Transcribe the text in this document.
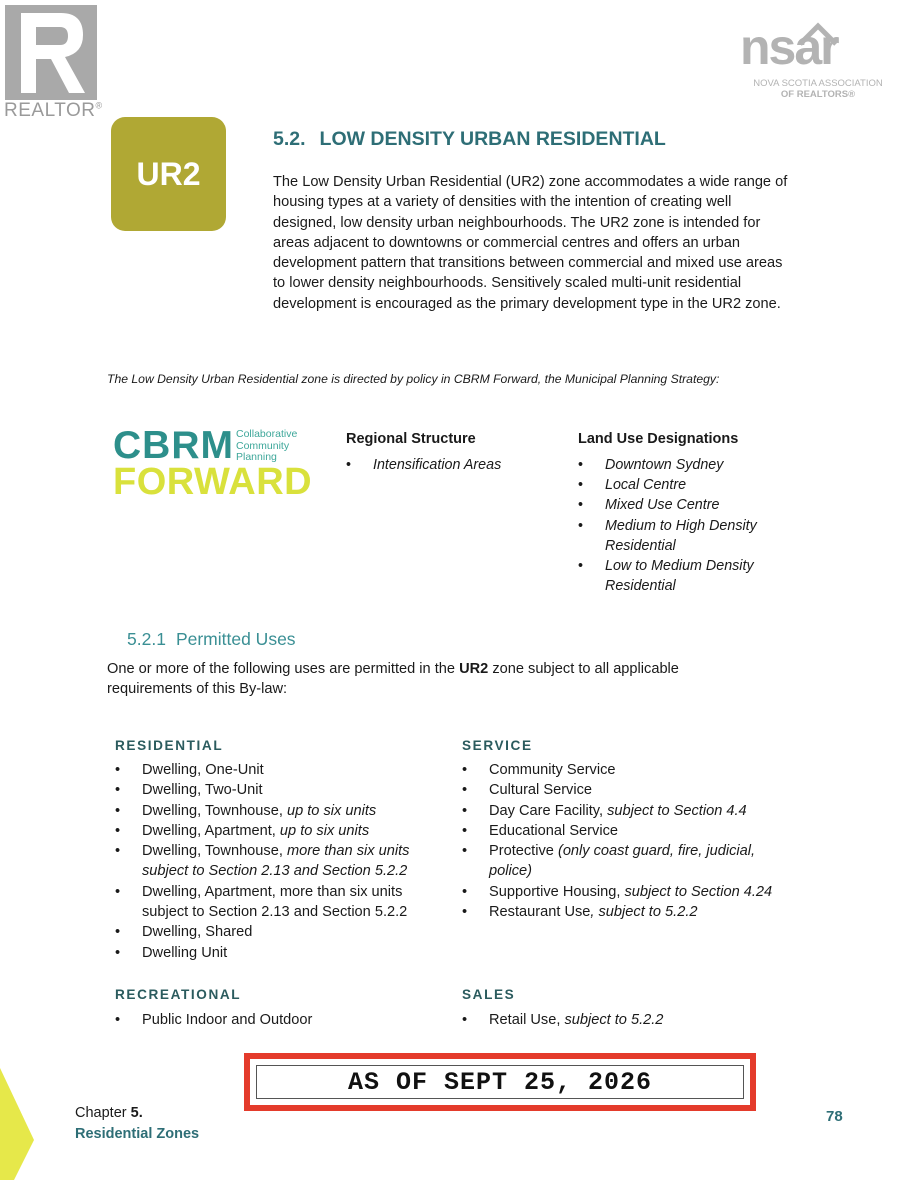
REALTOR®
nsar
NOVA SCOTIA ASSOCIATION
OF REALTORS®
UR2
5.2. LOW DENSITY URBAN RESIDENTIAL
The Low Density Urban Residential (UR2) zone accommodates a wide range of housing types at a variety of densities with the intention of creating well designed, low density urban neighbourhoods. The UR2 zone is intended for areas adjacent to downtowns or commercial centres and offers an urban development pattern that transitions between commercial and mixed use areas to lower density neighbourhoods. Sensitively scaled multi-unit residential development is encouraged as the primary development type in the UR2 zone.
The Low Density Urban Residential zone is directed by policy in CBRM Forward, the Municipal Planning Strategy:
CBRM Collaborative
Community
Planning
FORWARD
Regional Structure
• Intensification Areas
Land Use Designations
• Downtown Sydney
• Local Centre
• Mixed Use Centre
• Medium to High Density Residential
• Low to Medium Density Residential
5.2.1 Permitted Uses
One or more of the following uses are permitted in the UR2 zone subject to all applicable requirements of this By-law:
RESIDENTIAL
• Dwelling, One-Unit
• Dwelling, Two-Unit
• Dwelling, Townhouse, up to six units
• Dwelling, Apartment, up to six units
• Dwelling, Townhouse, more than six units subject to Section 2.13 and Section 5.2.2
• Dwelling, Apartment, more than six units subject to Section 2.13 and Section 5.2.2
• Dwelling, Shared
• Dwelling Unit
SERVICE
• Community Service
• Cultural Service
• Day Care Facility, subject to Section 4.4
• Educational Service
• Protective (only coast guard, fire, judicial, police)
• Supportive Housing, subject to Section 4.24
• Restaurant Use, subject to 5.2.2
RECREATIONAL
• Public Indoor and Outdoor
SALES
• Retail Use, subject to 5.2.2
AS OF SEPT 25, 2026
Chapter 5.
Residential Zones
78
